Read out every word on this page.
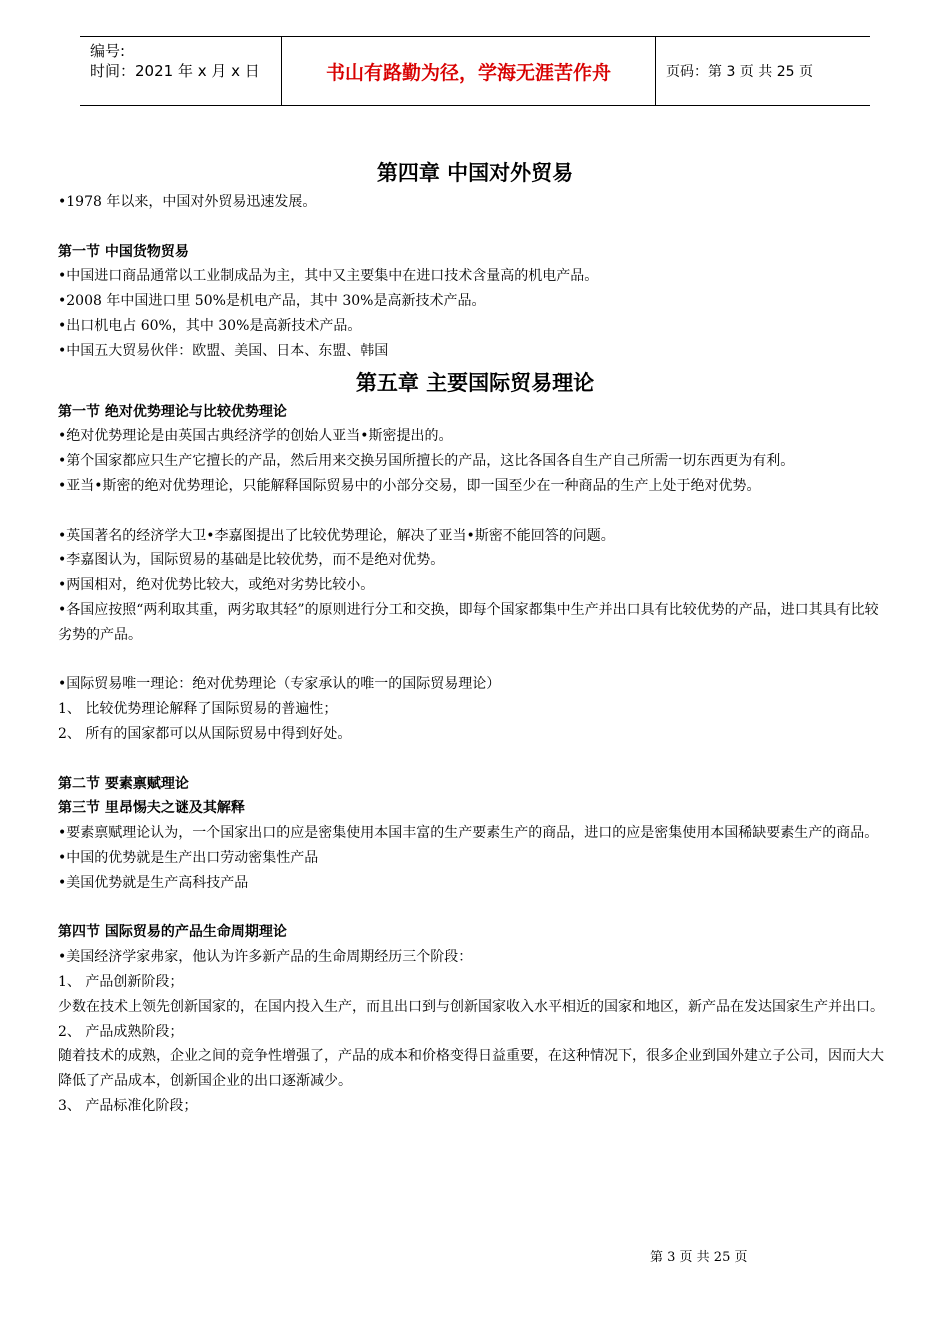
编号:
时间：2021 年 x 月 x 日	书山有路勤为径，学海无涯苦作舟	页码：第 3 页 共 25 页
第四章 中国对外贸易

•1978 年以来，中国对外贸易迅速发展。

第一节 中国货物贸易

•中国进口商品通常以工业制成品为主，其中又主要集中在进口技术含量高的机电产品。

•2008 年中国进口里 50%是机电产品，其中 30%是高新技术产品。

•出口机电占 60%，其中 30%是高新技术产品。

•中国五大贸易伙伴：欧盟、美国、日本、东盟、韩国

第五章 主要国际贸易理论

第一节 绝对优势理论与比较优势理论

•绝对优势理论是由英国古典经济学的创始人亚当•斯密提出的。

•第个国家都应只生产它擅长的产品，然后用来交换另国所擅长的产品，这比各国各自生产自己所需一切东西更为有利。

•亚当•斯密的绝对优势理论，只能解释国际贸易中的小部分交易，即一国至少在一种商品的生产上处于绝对优势。

•英国著名的经济学大卫•李嘉图提出了比较优势理论，解决了亚当•斯密不能回答的问题。

•李嘉图认为，国际贸易的基础是比较优势，而不是绝对优势。

•两国相对，绝对优势比较大，或绝对劣势比较小。

•各国应按照“两利取其重，两劣取其轻”的原则进行分工和交换，即每个国家都集中生产并出口具有比较优势的产品，进口其具有比较劣势的产品。

•国际贸易唯一理论：绝对优势理论（专家承认的唯一的国际贸易理论）

1、 比较优势理论解释了国际贸易的普遍性；

2、 所有的国家都可以从国际贸易中得到好处。

第二节 要素禀赋理论

第三节 里昂惕夫之谜及其解释

•要素禀赋理论认为，一个国家出口的应是密集使用本国丰富的生产要素生产的商品，进口的应是密集使用本国稀缺要素生产的商品。

•中国的优势就是生产出口劳动密集性产品

•美国优势就是生产高科技产品

第四节 国际贸易的产品生命周期理论

•美国经济学家弗家，他认为许多新产品的生命周期经历三个阶段：

1、 产品创新阶段；

少数在技术上领先创新国家的，在国内投入生产，而且出口到与创新国家收入水平相近的国家和地区，新产品在发达国家生产并出口。

2、 产品成熟阶段；

随着技术的成熟，企业之间的竞争性增强了，产品的成本和价格变得日益重要，在这种情况下，很多企业到国外建立子公司，因而大大降低了产品成本，创新国企业的出口逐渐减少。

3、 产品标准化阶段；

第 3 页 共 25 页
